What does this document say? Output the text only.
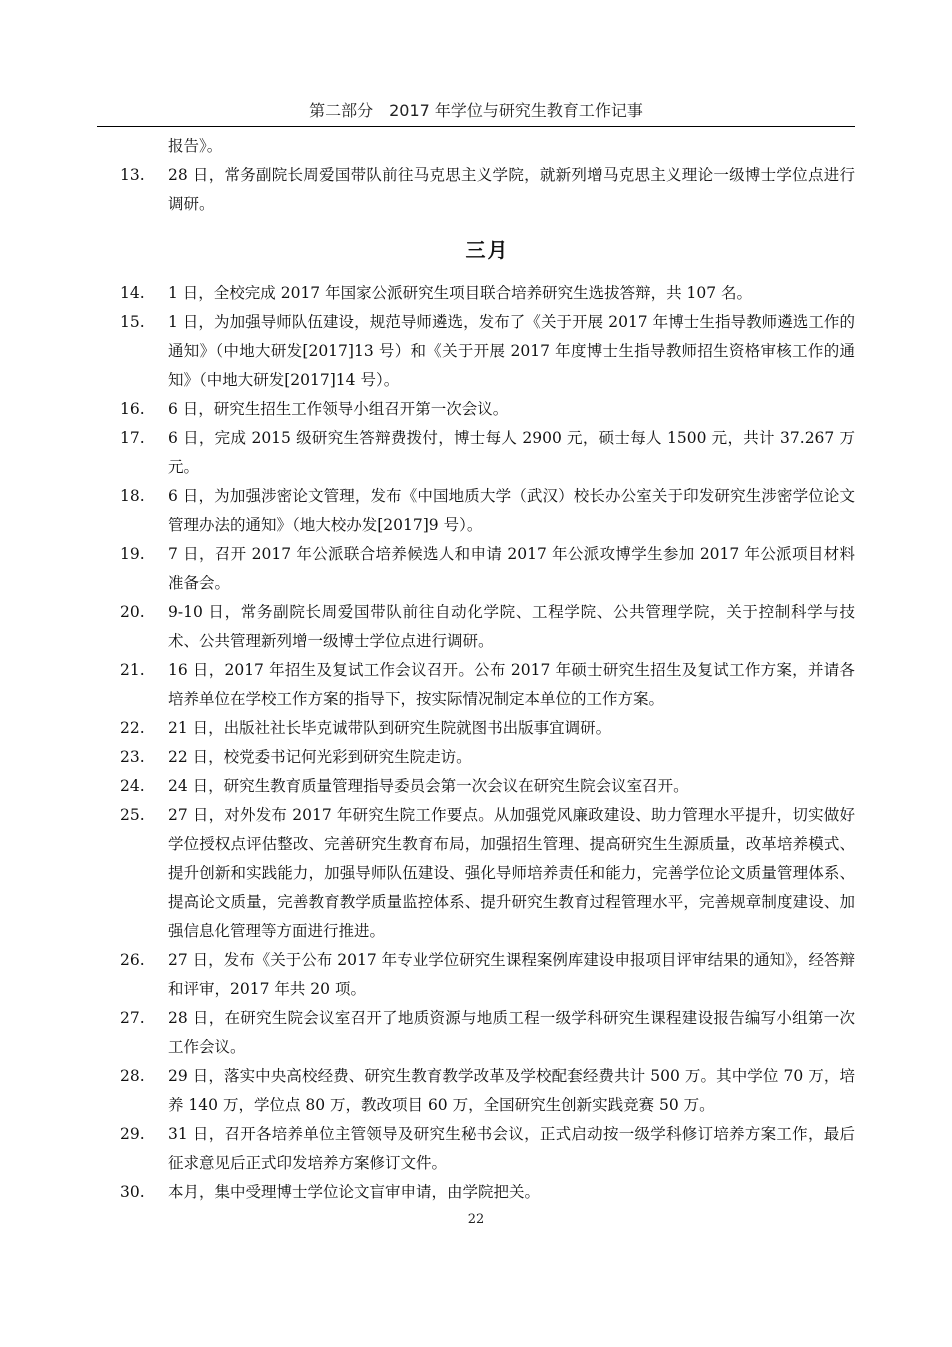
第二部分　2017 年学位与研究生教育工作记事
报告》。
13.	28 日，常务副院长周爱国带队前往马克思主义学院，就新列增马克思主义理论一级博士学位点进行调研。
三月
14.	1 日，全校完成 2017 年国家公派研究生项目联合培养研究生选拔答辩，共 107 名。
15.	1 日，为加强导师队伍建设，规范导师遴选，发布了《关于开展 2017 年博士生指导教师遴选工作的通知》（中地大研发[2017]13 号）和《关于开展 2017 年度博士生指导教师招生资格审核工作的通知》（中地大研发[2017]14 号）。
16.	6 日，研究生招生工作领导小组召开第一次会议。
17.	6 日，完成 2015 级研究生答辩费拨付，博士每人 2900 元，硕士每人 1500 元，共计 37.267 万元。
18.	6 日，为加强涉密论文管理，发布《中国地质大学（武汉）校长办公室关于印发研究生涉密学位论文管理办法的通知》（地大校办发[2017]9 号）。
19.	7 日，召开 2017 年公派联合培养候选人和申请 2017 年公派攻博学生参加 2017 年公派项目材料准备会。
20.	9-10 日，常务副院长周爱国带队前往自动化学院、工程学院、公共管理学院，关于控制科学与技术、公共管理新列增一级博士学位点进行调研。
21.	16 日，2017 年招生及复试工作会议召开。公布 2017 年硕士研究生招生及复试工作方案，并请各培养单位在学校工作方案的指导下，按实际情况制定本单位的工作方案。
22.	21 日，出版社社长毕克诚带队到研究生院就图书出版事宜调研。
23.	22 日，校党委书记何光彩到研究生院走访。
24.	24 日，研究生教育质量管理指导委员会第一次会议在研究生院会议室召开。
25.	27 日，对外发布 2017 年研究生院工作要点。从加强党风廉政建设、助力管理水平提升，切实做好学位授权点评估整改、完善研究生教育布局，加强招生管理、提高研究生生源质量，改革培养模式、提升创新和实践能力，加强导师队伍建设、强化导师培养责任和能力，完善学位论文质量管理体系、提高论文质量，完善教育教学质量监控体系、提升研究生教育过程管理水平，完善规章制度建设、加强信息化管理等方面进行推进。
26.	27 日，发布《关于公布 2017 年专业学位研究生课程案例库建设申报项目评审结果的通知》，经答辩和评审，2017 年共 20 项。
27.	28 日，在研究生院会议室召开了地质资源与地质工程一级学科研究生课程建设报告编写小组第一次工作会议。
28.	29 日，落实中央高校经费、研究生教育教学改革及学校配套经费共计 500 万。其中学位 70 万，培养 140 万，学位点 80 万，教改项目 60 万，全国研究生创新实践竞赛 50 万。
29.	31 日，召开各培养单位主管领导及研究生秘书会议，正式启动按一级学科修订培养方案工作，最后征求意见后正式印发培养方案修订文件。
30.	本月，集中受理博士学位论文盲审申请，由学院把关。
22
